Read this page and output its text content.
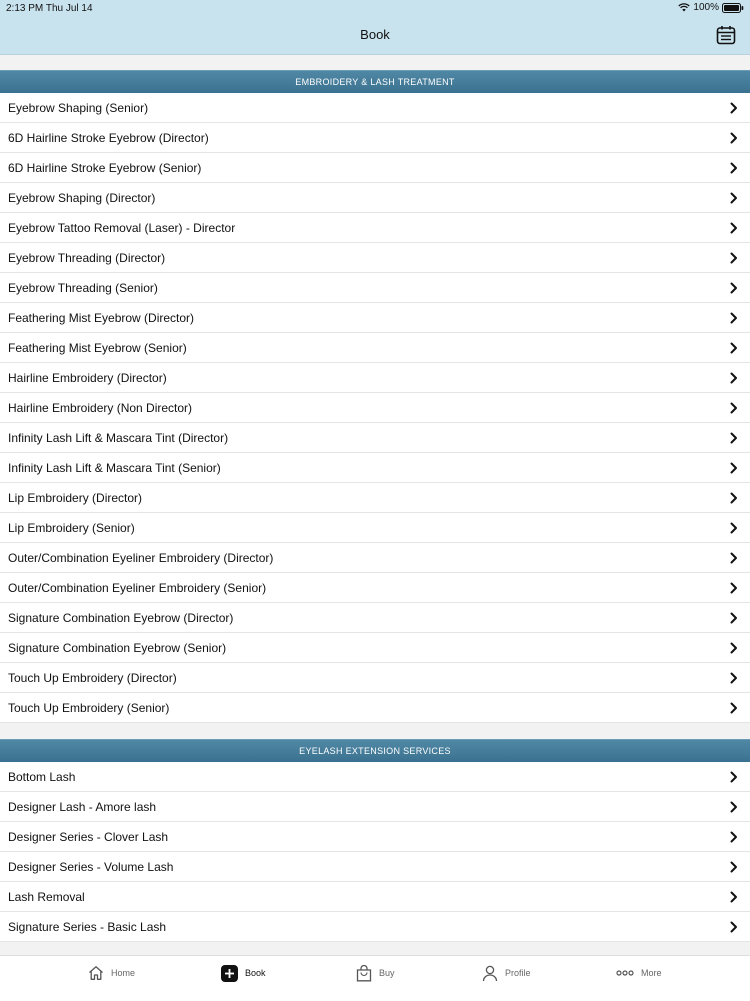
2:13 PM Thu Jul 14	100%
Book
EMBROIDERY & LASH TREATMENT
Eyebrow Shaping (Senior)
6D Hairline Stroke Eyebrow (Director)
6D Hairline Stroke Eyebrow (Senior)
Eyebrow Shaping (Director)
Eyebrow Tattoo Removal (Laser) - Director
Eyebrow Threading (Director)
Eyebrow Threading (Senior)
Feathering Mist Eyebrow (Director)
Feathering Mist Eyebrow (Senior)
Hairline Embroidery (Director)
Hairline Embroidery (Non Director)
Infinity Lash Lift & Mascara Tint (Director)
Infinity Lash Lift & Mascara Tint (Senior)
Lip Embroidery (Director)
Lip Embroidery (Senior)
Outer/Combination Eyeliner Embroidery (Director)
Outer/Combination Eyeliner Embroidery (Senior)
Signature Combination Eyebrow (Director)
Signature Combination Eyebrow (Senior)
Touch Up Embroidery (Director)
Touch Up Embroidery (Senior)
EYELASH EXTENSION SERVICES
Bottom Lash
Designer Lash - Amore lash
Designer Series - Clover Lash
Designer Series - Volume Lash
Lash Removal
Signature Series - Basic Lash
Home	Book	Buy	Profile	More
